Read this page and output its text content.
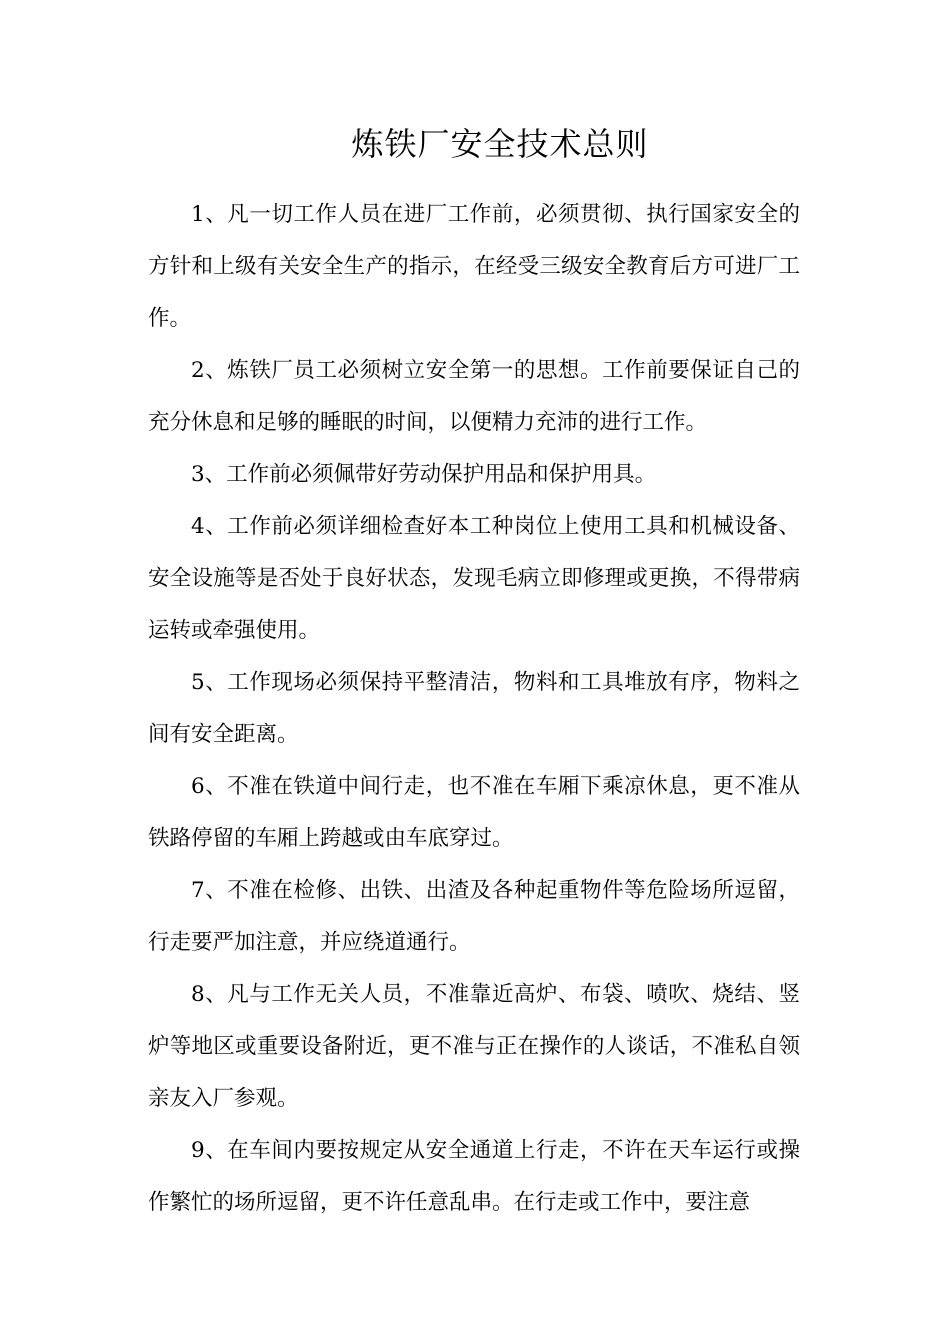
炼铁厂安全技术总则

1、凡一切工作人员在进厂工作前，必须贯彻、执行国家安全的方针和上级有关安全生产的指示，在经受三级安全教育后方可进厂工作。

2、炼铁厂员工必须树立安全第一的思想。工作前要保证自己的充分休息和足够的睡眠的时间，以便精力充沛的进行工作。

3、工作前必须佩带好劳动保护用品和保护用具。

4、工作前必须详细检查好本工种岗位上使用工具和机械设备、安全设施等是否处于良好状态，发现毛病立即修理或更换，不得带病运转或牵强使用。

5、工作现场必须保持平整清洁，物料和工具堆放有序，物料之间有安全距离。

6、不准在铁道中间行走，也不准在车厢下乘凉休息，更不准从铁路停留的车厢上跨越或由车底穿过。

7、不准在检修、出铁、出渣及各种起重物件等危险场所逗留，行走要严加注意，并应绕道通行。

8、凡与工作无关人员，不准靠近高炉、布袋、喷吹、烧结、竖炉等地区或重要设备附近，更不准与正在操作的人谈话，不准私自领亲友入厂参观。

9、在车间内要按规定从安全通道上行走，不许在天车运行或操作繁忙的场所逗留，更不许任意乱串。在行走或工作中，要注意
